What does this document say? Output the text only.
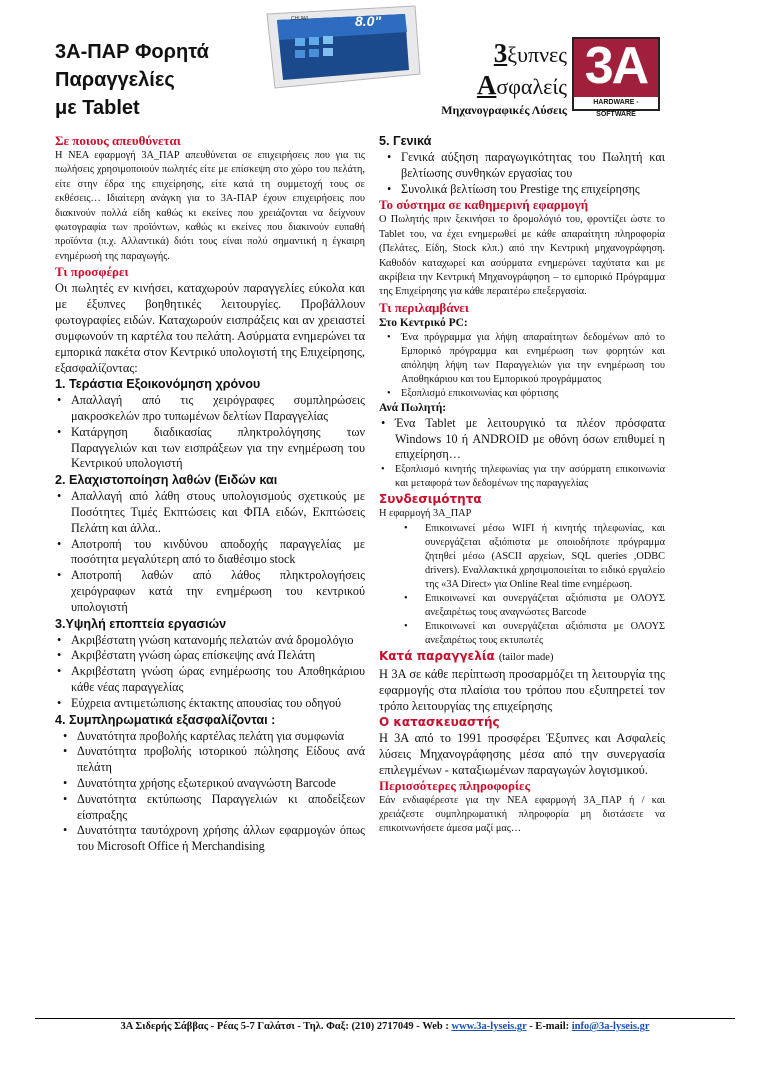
3A-ΠΑΡ Φορητά
Παραγγελίες
με Tablet
8.0"
CHUWI
3ξυπνες
Ασφαλείς
Μηχανογραφικές Λύσεις
3A
HARDWARE - SOFTWARE
Σε ποιους απευθύνεται

Η ΝΕΑ εφαρμογή 3Α_ΠΑΡ απευθύνεται σε επιχειρήσεις που για τις πωλήσεις χρησιμοποιούν πωλητές είτε με επίσκεψη στο χώρο του πελάτη, είτε στην έδρα της επιχείρησης, είτε κατά τη συμμετοχή τους σε εκθέσεις… Ιδιαίτερη ανάγκη για το 3Α-ΠΑΡ έχουν επιχειρήσεις που διακινούν πολλά είδη καθώς κι εκείνες που χρειάζονται να δείχνουν φωτογραφία των προϊόντων, καθώς κι εκείνες που διακινούν ευπαθή προϊόντα (π.χ. Αλλαντικά) διότι τους είναι πολύ σημαντική η έγκαιρη ενημέρωσή της παραγωγής.

Τι προσφέρει

Οι πωλητές εν κινήσει, καταχωρούν παραγγελίες εύκολα και με έξυπνες βοηθητικές λειτουργίες. Προβάλλουν φωτογραφίες ειδών. Καταχωρούν εισπράξεις και αν χρειαστεί συμφωνούν τη καρτέλα του πελάτη. Ασύρματα ενημερώνει τα εμπορικά πακέτα στον Κεντρικό υπολογιστή της Επιχείρησης, εξασφαλίζοντας:

1. Τεράστια Εξοικονόμηση χρόνου
• Απαλλαγή από τις χειρόγραφες συμπληρώσεις μακροσκελών προ τυπωμένων δελτίων Παραγγελίας
• Κατάργηση διαδικασίας πληκτρολόγησης των Παραγγελιών και των εισπράξεων για την ενημέρωση του Κεντρικού υπολογιστή
2. Ελαχιστοποίηση λαθών (Ειδών και
• Απαλλαγή από λάθη στους υπολογισμούς σχετικούς με Ποσότητες Τιμές Εκπτώσεις και ΦΠΑ ειδών, Εκπτώσεις Πελάτη και άλλα..
• Αποτροπή του κινδύνου αποδοχής παραγγελίας με ποσότητα μεγαλύτερη από το διαθέσιμο stock
• Αποτροπή λαθών από λάθος πληκτρολογήσεις χειρόγραφων κατά την ενημέρωση του κεντρικού υπολογιστή
3.Υψηλή εποπτεία εργασιών
• Ακριβέστατη γνώση κατανομής πελατών ανά δρομολόγιο
• Ακριβέστατη γνώση ώρας επίσκεψης ανά Πελάτη
• Ακριβέστατη γνώση ώρας ενημέρωσης του Αποθηκάριου κάθε νέας παραγγελίας
• Εύχρεια αντιμετώπισης έκτακτης απουσίας του οδηγού
4. Συμπληρωματικά εξασφαλίζονται :
• Δυνατότητα προβολής καρτέλας πελάτη για συμφωνία
• Δυνατότητα προβολής ιστορικού πώλησης Είδους ανά πελάτη
• Δυνατότητα χρήσης εξωτερικού αναγνώστη Barcode
• Δυνατότητα εκτύπωσης Παραγγελιών κι αποδείξεων είσπραξης
• Δυνατότητα ταυτόχρονη χρήσης άλλων εφαρμογών όπως του Microsoft Office ή Merchandising
5. Γενικά
• Γενικά αύξηση παραγωγικότητας του Πωλητή και βελτίωσης συνθηκών εργασίας του
• Συνολικά βελτίωση του Prestige της επιχείρησης
Το σύστημα σε καθημερινή εφαρμογή

Ο Πωλητής πριν ξεκινήσει το δρομολόγιό του, φροντίζει ώστε το Tablet του, να έχει ενημερωθεί με κάθε απαραίτητη πληροφορία (Πελάτες, Είδη, Stock κλπ.) από την Κεντρική μηχανογράφηση. Καθοδόν καταχωρεί και ασύρματα ενημερώνει ταχύτατα και με ακρίβεια την Κεντρική Μηχανογράφηση – το εμπορικό Πρόγραμμα της Επιχείρησης για κάθε περαιτέρω επεξεργασία.

Τι περιλαμβάνει

Στο Κεντρικό PC:

• Ένα πρόγραμμα για λήψη απαραίτητων δεδομένων από το Εμπορικό πρόγραμμα και ενημέρωση των φορητών και απόληψη λήψη των Παραγγελιών για την ενημέρωση του Αποθηκάριου και του Εμπορικού προγράμματος
• Εξοπλισμό επικοινωνίας και φόρτισης

Ανά Πωλητή:

• Ένα Tablet με λειτουργικό τα πλέον πρόσφατα Windows 10 ή ANDROID με οθόνη όσων επιθυμεί η επιχείρηση…
• Εξοπλισμό κινητής τηλεφωνίας για την ασύρματη επικοινωνία και μεταφορά των δεδομένων της παραγγελίας
Συνδεσιμότητα

Η εφαρμογή 3Α_ΠΑΡ

• Επικοινωνεί μέσω WIFI ή κινητής τηλεφωνίας, και συνεργάζεται αξιόπιστα με οποιοδήποτε πρόγραμμα ζητηθεί μέσω (ASCII αρχείων, SQL queries ,ODBC drivers). Εναλλακτικά χρησιμοποιείται το ειδικό εργαλείο της «3Α Direct» για Online Real time ενημέρωση.
• Επικοινωνεί και συνεργάζεται αξιόπιστα με ΟΛΟΥΣ ανεξαιρέτως τους αναγνώστες Barcode
• Επικοινωνεί και συνεργάζεται αξιόπιστα με ΟΛΟΥΣ ανεξαιρέτως τους εκτυπωτές
Κατά παραγγελία (tailor made)

Η 3Α σε κάθε περίπτωση προσαρμόζει τη λειτουργία της εφαρμογής στα πλαίσια του τρόπου που εξυπηρετεί τον τρόπο λειτουργίας της επιχείρησης

Ο κατασκευαστής

Η 3Α από το 1991 προσφέρει Έξυπνες και Ασφαλείς λύσεις Μηχανογράφησης μέσα από την συνεργασία επιλεγμένων - καταξιωμένων παραγωγών λογισμικού.

Περισσότερες πληροφορίες

Εάν ενδιαφέρεστε για την ΝΕΑ εφαρμογή 3Α_ΠΑΡ ή / και χρειάζεστε συμπληρωματική πληροφορία μη διστάσετε να επικοινωνήσετε άμεσα μαζί μας…

3Α Σιδερής Σάββας - Ρέας 5-7 Γαλάτσι - Τηλ. Φαξ: (210) 2717049 - Web : www.3a-lyseis.gr - E-mail: info@3a-lyseis.gr
